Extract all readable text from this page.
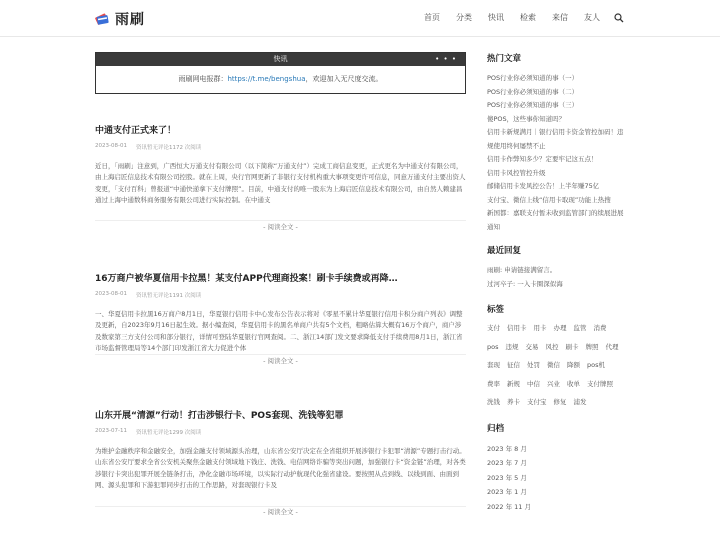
雨刷	首页 分类 快讯 检索 来信 友人
快讯	• • •
雨刷网电报群：https://t.me/bengshua，欢迎加入无尺度交流。
中通支付正式来了！
2023-08-01 资讯 暂无评论 1172 次阅读

近日，「雨刷」注意到，广西恒大万通支付有限公司（以下简称“万通支付”）完成工商信息变更，正式更名为中通支付有限公司，由上海启匠信息技术有限公司控股。就在上周，央行官网更新了非银行支付机构重大事项变更许可信息，同意万通支付主要出资人变更，「支付百科」曾报道“中通快递拿下支付牌照”。目前，中通支付的唯一股东为上海启匠信息技术有限公司，由自然人赖建昌通过上海中通数科商务服务有限公司进行实际控制。在中通支

- 阅读全文 -
16万商户被华夏信用卡拉黑！某支付APP代理商投案！刷卡手续费或再降…
2023-08-01 资讯 暂无评论 1191 次阅读

一、华夏信用卡拉黑16万商户8月1日，华夏银行信用卡中心发布公告表示将对《零星不累计华夏银行信用卡积分商户列表》调整及更新，自2023年9月16日起生效。据小编查阅，华夏信用卡的黑名单商户共有5个文档，粗略估算大概有16万个商户，商户涉及数家第三方支付公司和部分银行，详情可登陆华夏银行官网查阅。二、浙江14部门发文要求降低支付手续费用8月1日，浙江省市场监督管理局等14个部门印发浙江省大力促进个体

- 阅读全文 -
山东开展“清源”行动！打击涉银行卡、POS套现、洗钱等犯罪
2023-07-11 资讯 暂无评论 1299 次阅读

为维护金融秩序和金融安全，加强金融支付领域源头治理，山东省公安厅决定在全省组织开展涉银行卡犯罪“清源”专题打击行动。山东省公安厅要求全省公安机关聚焦金融支付领域地下钱庄、洗钱、电信网络诈骗等突出问题，加强银行卡“资金链”治理，对各类涉银行卡突出犯罪开展全链条打击，净化金融市场环境，以实际行动护航现代化强省建设。要按照从点到线、以线到面、由面到网、源头犯罪和下游犯罪同步打击的工作思路，对套现银行卡及

- 阅读全文 -
热门文章
POS行业你必须知道的事（一）
POS行业你必须知道的事（二）
POS行业你必须知道的事（三）
傻POS，这些事你知道吗？
信用卡新规满月｜银行信用卡资金管控加码！违规使用终何屡禁不止
信用卡作弊知多少？定要牢记这五点！
信用卡风控管控升级
邮储信用卡发风控公告！上半年赚75亿
支付宝、微信上线“信用卡取现”功能上热搜
新国都：嘉联支付暂未收到监管部门的续展进展通知
最近回复
雨刷: 申请链接满留言。
过河卒子: 一入卡圈深似海
标签
支付 信用卡 用卡 办理 监管 消费
pos 违规 交易 风控 刷卡 牌照 代理
套现 征信 处罚 微信 降额 pos机
费率 新规 中信 兴业 收单 支付牌照
洗钱 养卡 支付宝 修复 浦发
归档
2023 年 8 月
2023 年 7 月
2023 年 5 月
2023 年 1 月
2022 年 11 月
